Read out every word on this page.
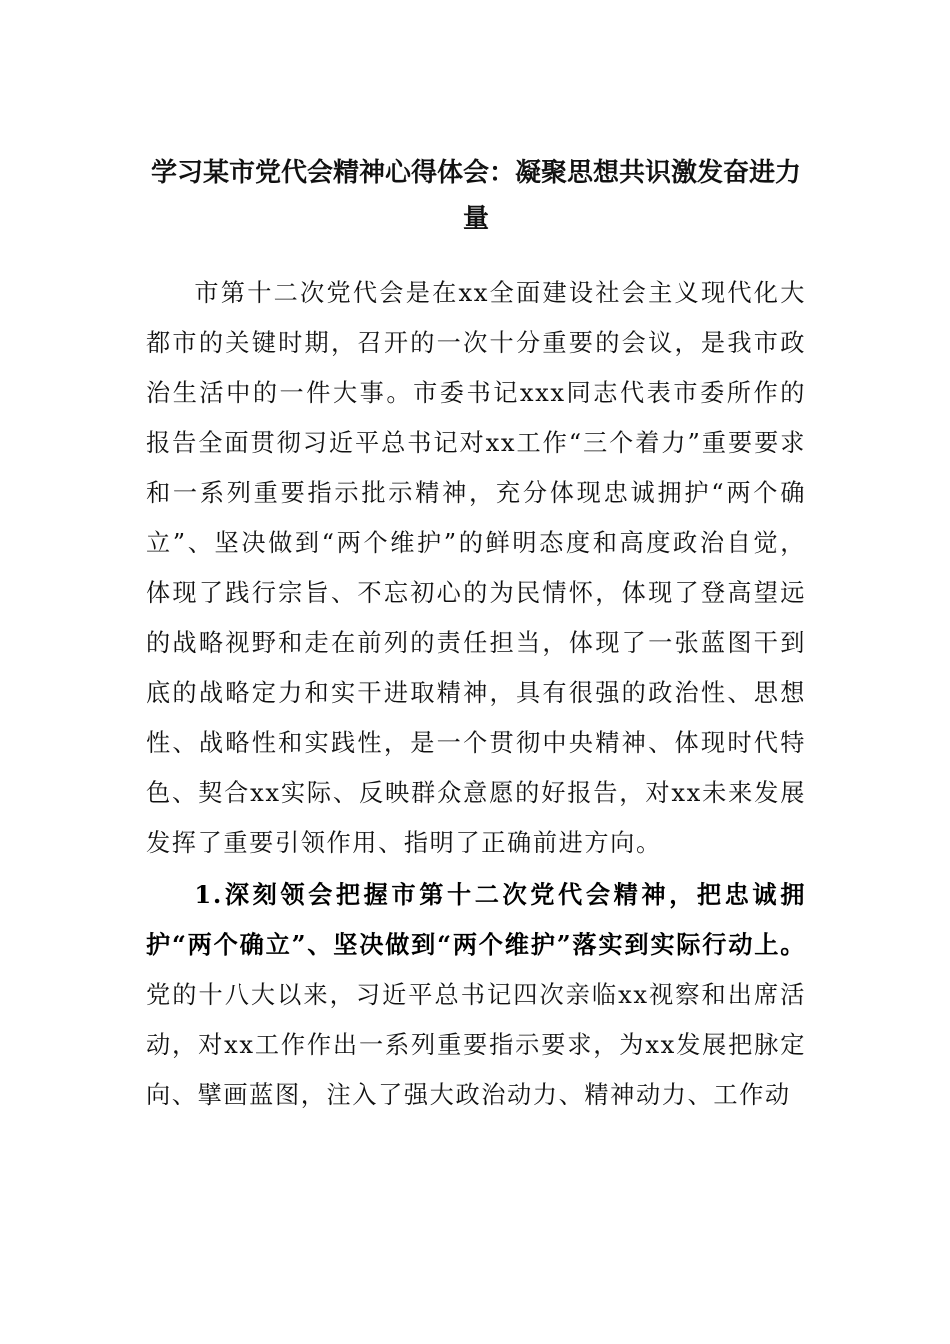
学习某市党代会精神心得体会：凝聚思想共识激发奋进力量

市第十二次党代会是在xx全面建设社会主义现代化大都市的关键时期，召开的一次十分重要的会议，是我市政治生活中的一件大事。市委书记xxx同志代表市委所作的报告全面贯彻习近平总书记对xx工作“三个着力”重要要求和一系列重要指示批示精神，充分体现忠诚拥护“两个确立”、坚决做到“两个维护”的鲜明态度和高度政治自觉，体现了践行宗旨、不忘初心的为民情怀，体现了登高望远的战略视野和走在前列的责任担当，体现了一张蓝图干到底的战略定力和实干进取精神，具有很强的政治性、思想性、战略性和实践性，是一个贯彻中央精神、体现时代特色、契合xx实际、反映群众意愿的好报告，对xx未来发展发挥了重要引领作用、指明了正确前进方向。

1.深刻领会把握市第十二次党代会精神，把忠诚拥护“两个确立”、坚决做到“两个维护”落实到实际行动上。党的十八大以来，习近平总书记四次亲临xx视察和出席活动，对xx工作作出一系列重要指示要求，为xx发展把脉定向、擘画蓝图，注入了强大政治动力、精神动力、工作动
